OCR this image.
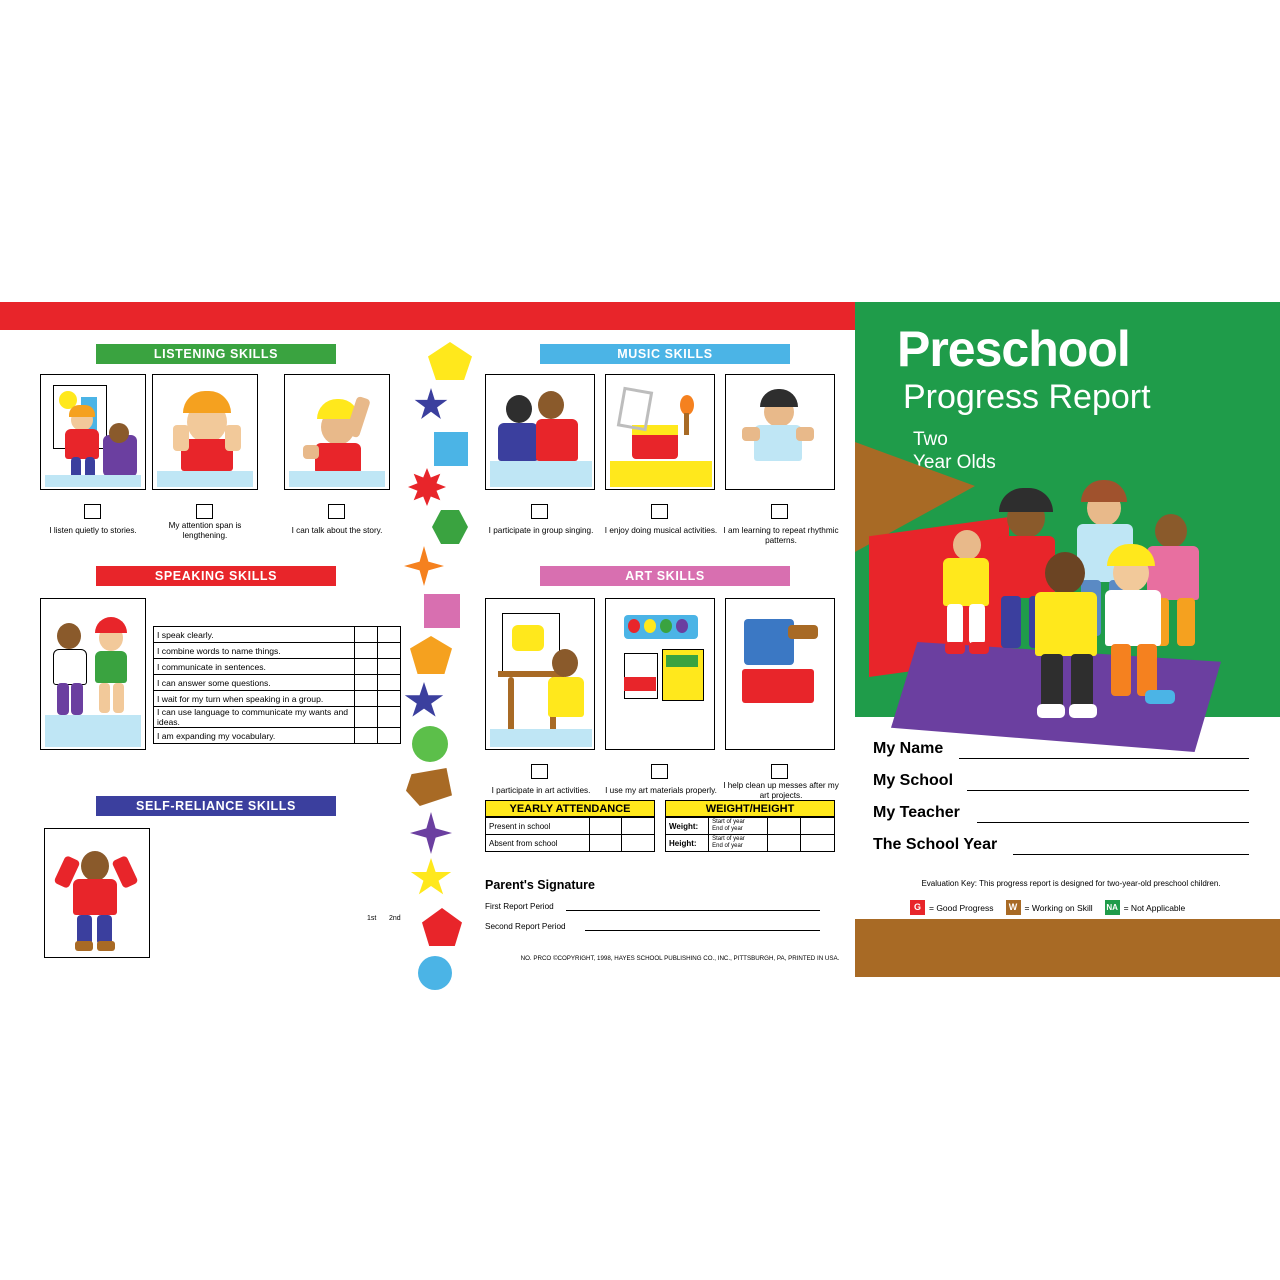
LISTENING SKILLS
I listen quietly to stories.
My attention span is lengthening.	I can talk about the story.
SPEAKING SKILLS
1st 2nd
I speak clearly.		
I combine words to name things.		
I communicate in sentences.		
I can answer some questions.		
I wait for my turn when speaking in a group.		
I can use language to communicate my wants and ideas.		
I am expanding my vocabulary.		
SELF-RELIANCE SKILLS
MUSIC SKILLS
I participate in group singing.	I enjoy doing musical activities. I am learning to repeat rhythmic patterns.
ART SKILLS
I participate in art activities.	I use my art materials properly.
I help clean up messes after my art projects.
YEARLY ATTENDANCE
Present in school		
Absent from school		
WEIGHT/HEIGHT
Weight:	Start of year
End of year		
Height:	Start of year
End of year		
Parent's Signature
First Report Period
Second Report Period
NO. PRCO ©COPYRIGHT, 1998, HAYES SCHOOL PUBLISHING CO., INC., PITTSBURGH, PA, PRINTED IN USA.
Preschool
Progress Report
Two
Year Olds
My Name
My School
My Teacher
The School Year
Evaluation Key: This progress report is designed for two-year-old preschool children.
G = Good Progress	W = Working on Skill NA = Not Applicable
